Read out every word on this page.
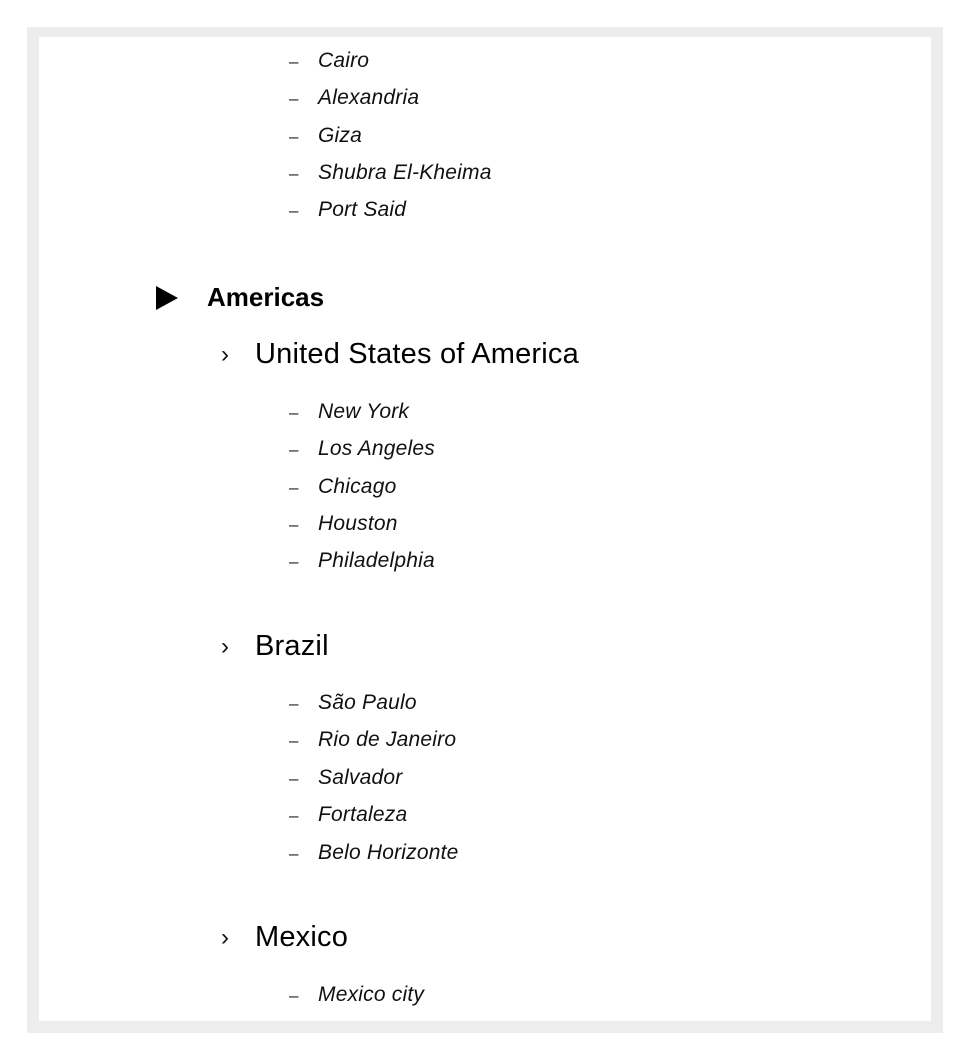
– Cairo
– Alexandria
– Giza
– Shubra El-Kheima
– Port Said
Americas
› United States of America
– New York
– Los Angeles
– Chicago
– Houston
– Philadelphia
› Brazil
– São Paulo
– Rio de Janeiro
– Salvador
– Fortaleza
– Belo Horizonte
› Mexico
– Mexico city
